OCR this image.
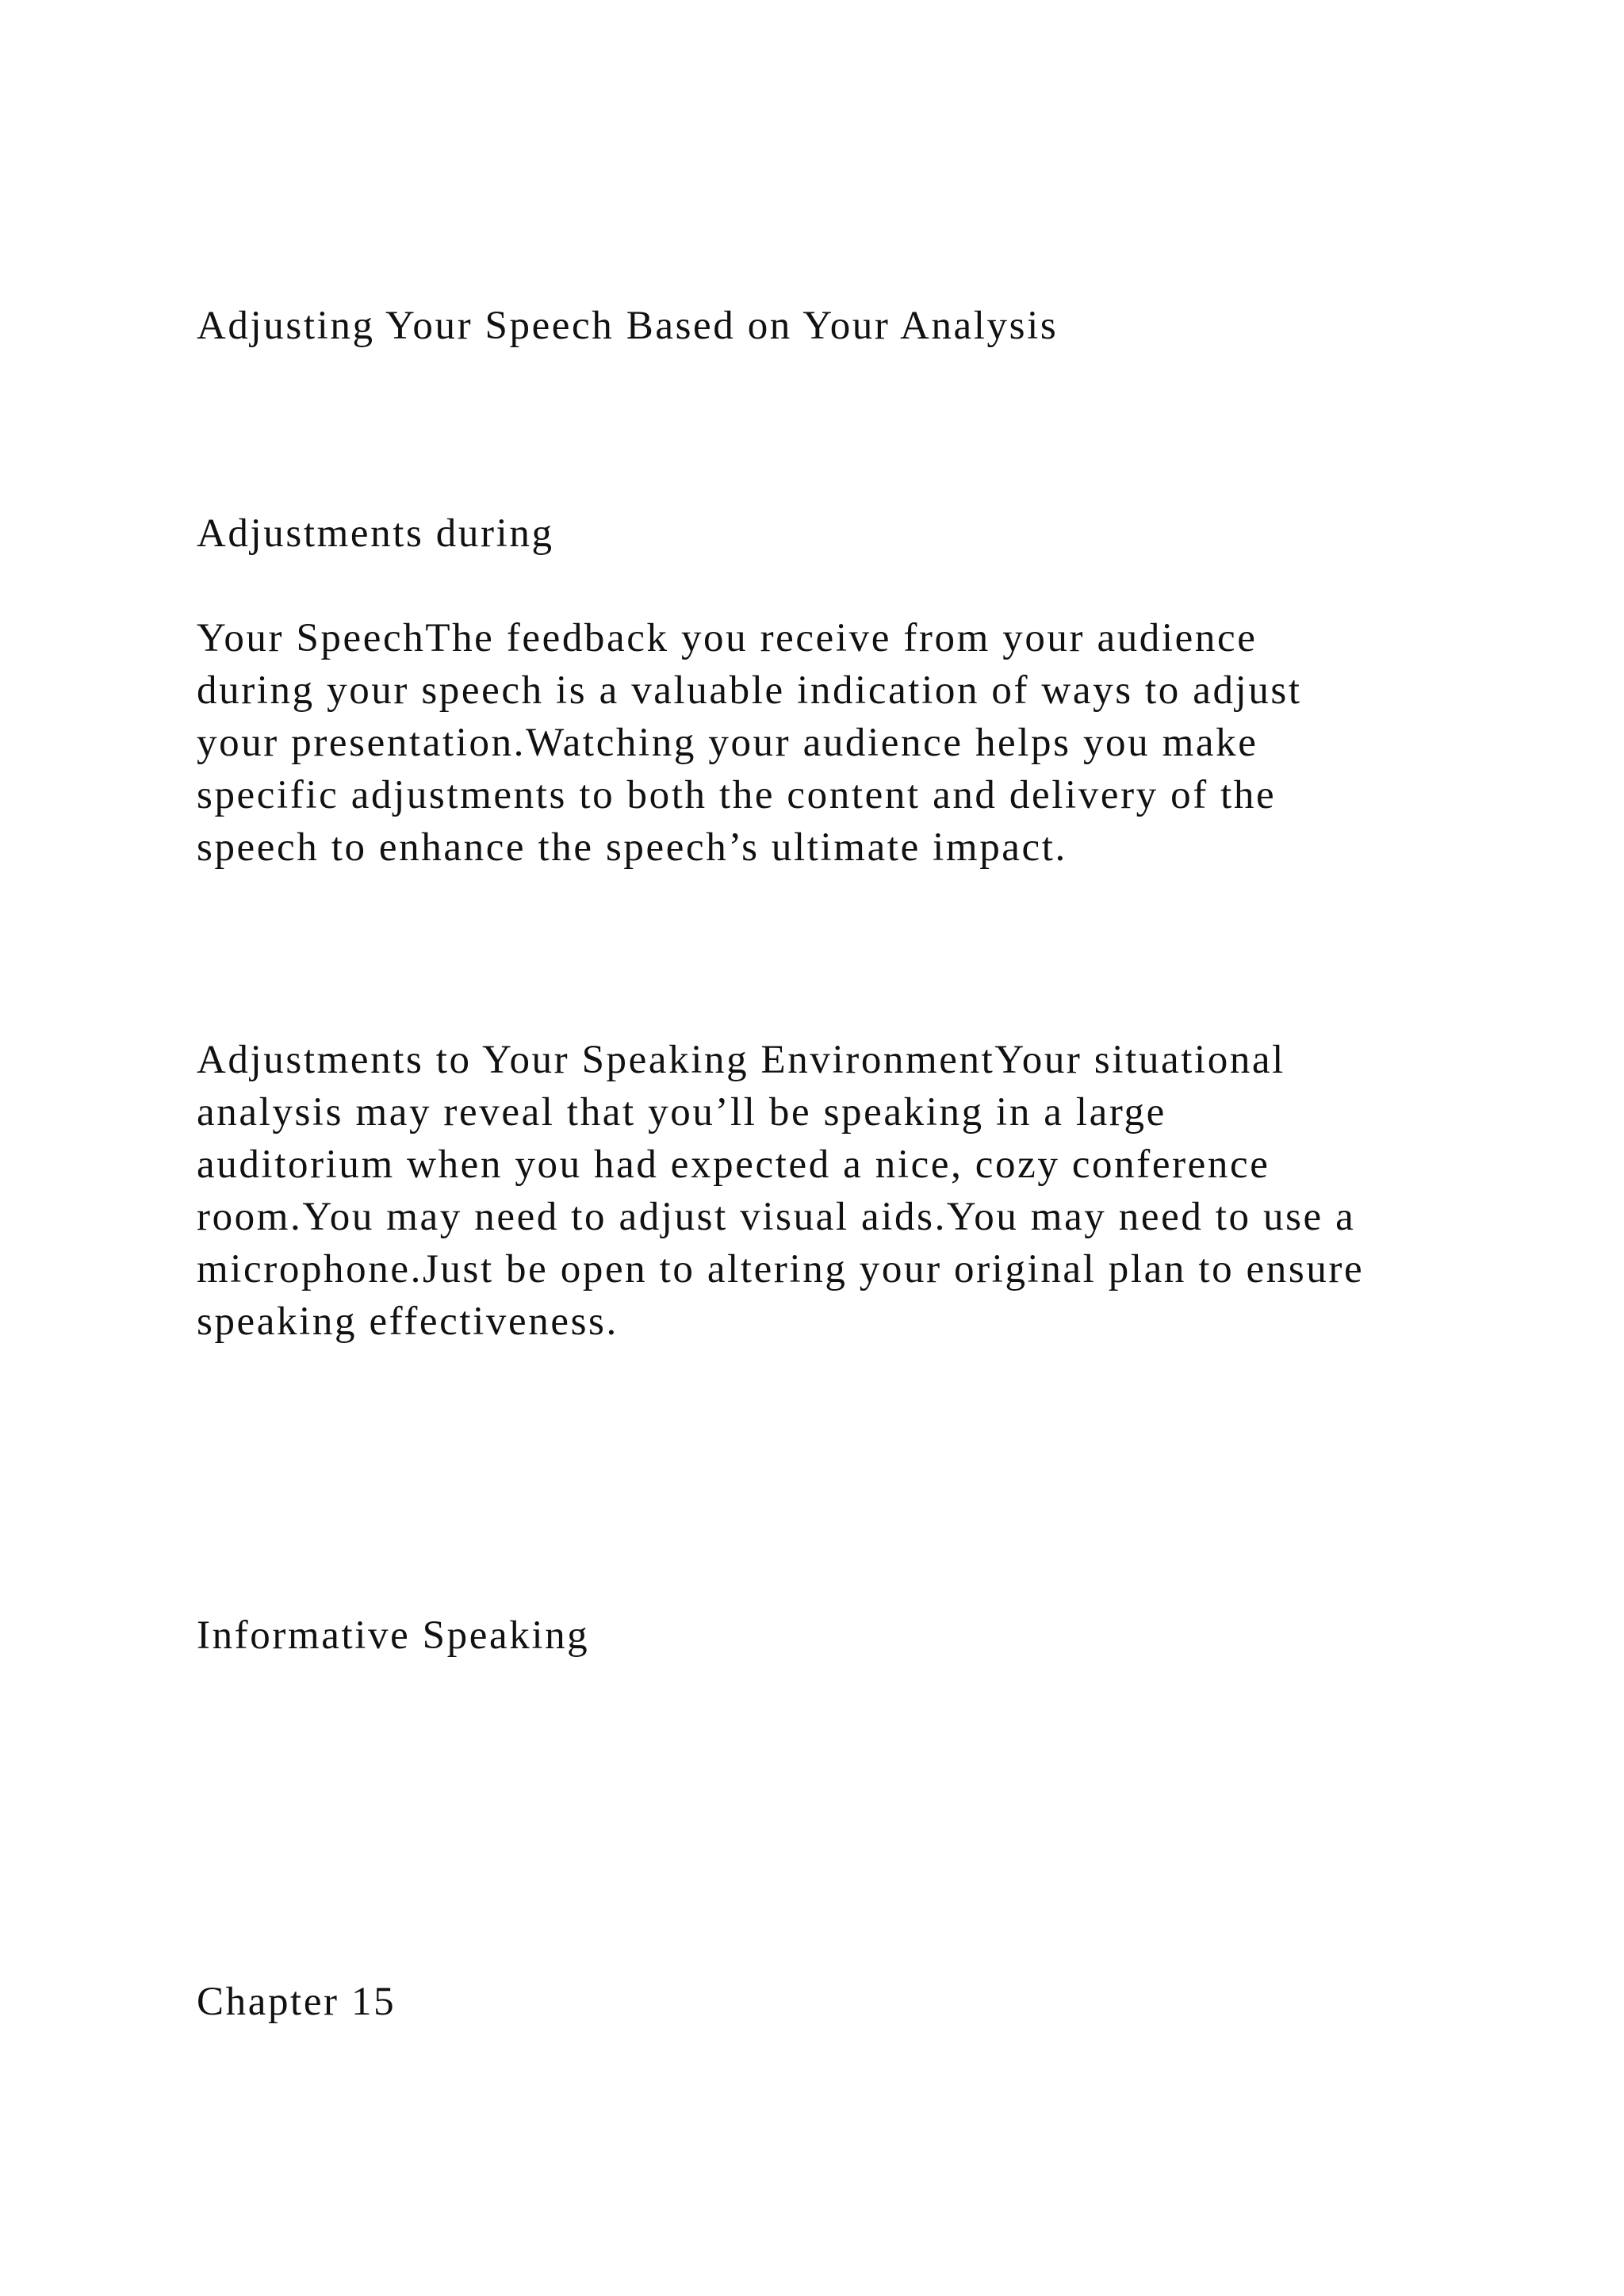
Adjusting Your Speech Based on Your Analysis

Adjustments during

Your SpeechThe feedback you receive from your audience
during your speech is a valuable indication of ways to adjust
your presentation.Watching your audience helps you make
specific adjustments to both the content and delivery of the
speech to enhance the speech’s ultimate impact.
Adjustments to Your Speaking EnvironmentYour situational
analysis may reveal that you’ll be speaking in a large
auditorium when you had expected a nice, cozy conference
room.You may need to adjust visual aids.You may need to use a
microphone.Just be open to altering your original plan to ensure
speaking effectiveness.

Informative Speaking

Chapter 15
